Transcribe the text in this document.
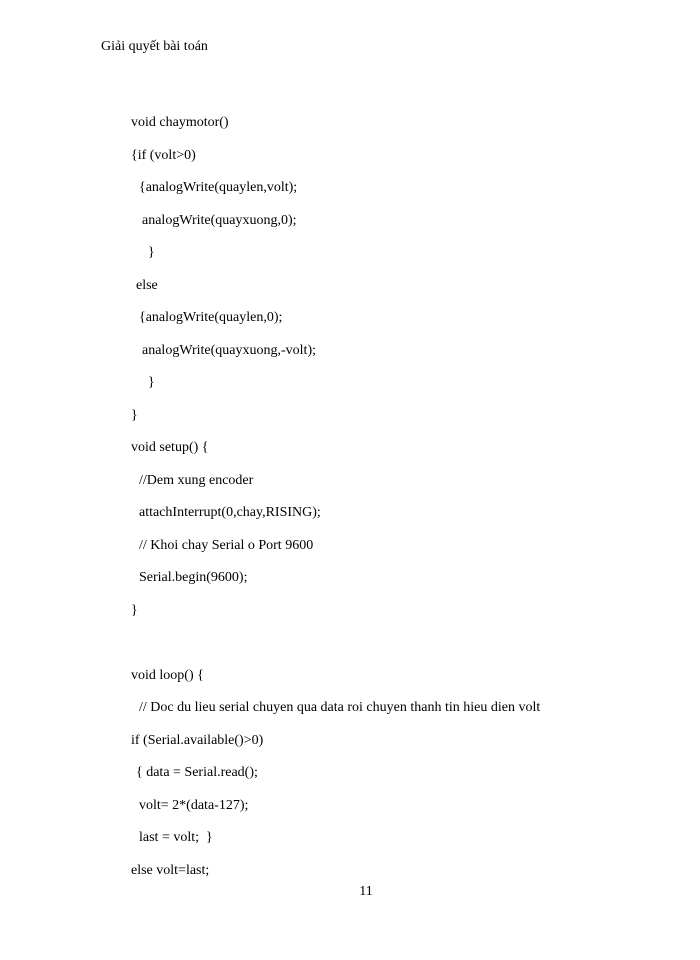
Giải quyết bài toán
void chaymotor()
{if (volt>0)
{analogWrite(quaylen,volt);
analogWrite(quayxuong,0);
}
else
{analogWrite(quaylen,0);
analogWrite(quayxuong,-volt);
}
}
void setup() {
//Dem xung encoder
attachInterrupt(0,chay,RISING);
// Khoi chay Serial o Port 9600
Serial.begin(9600);
}
void loop() {
// Doc du lieu serial chuyen qua data roi chuyen thanh tin hieu dien volt
if (Serial.available()>0)
{ data = Serial.read();
volt= 2*(data-127);
last = volt;  }
else volt=last;
11
